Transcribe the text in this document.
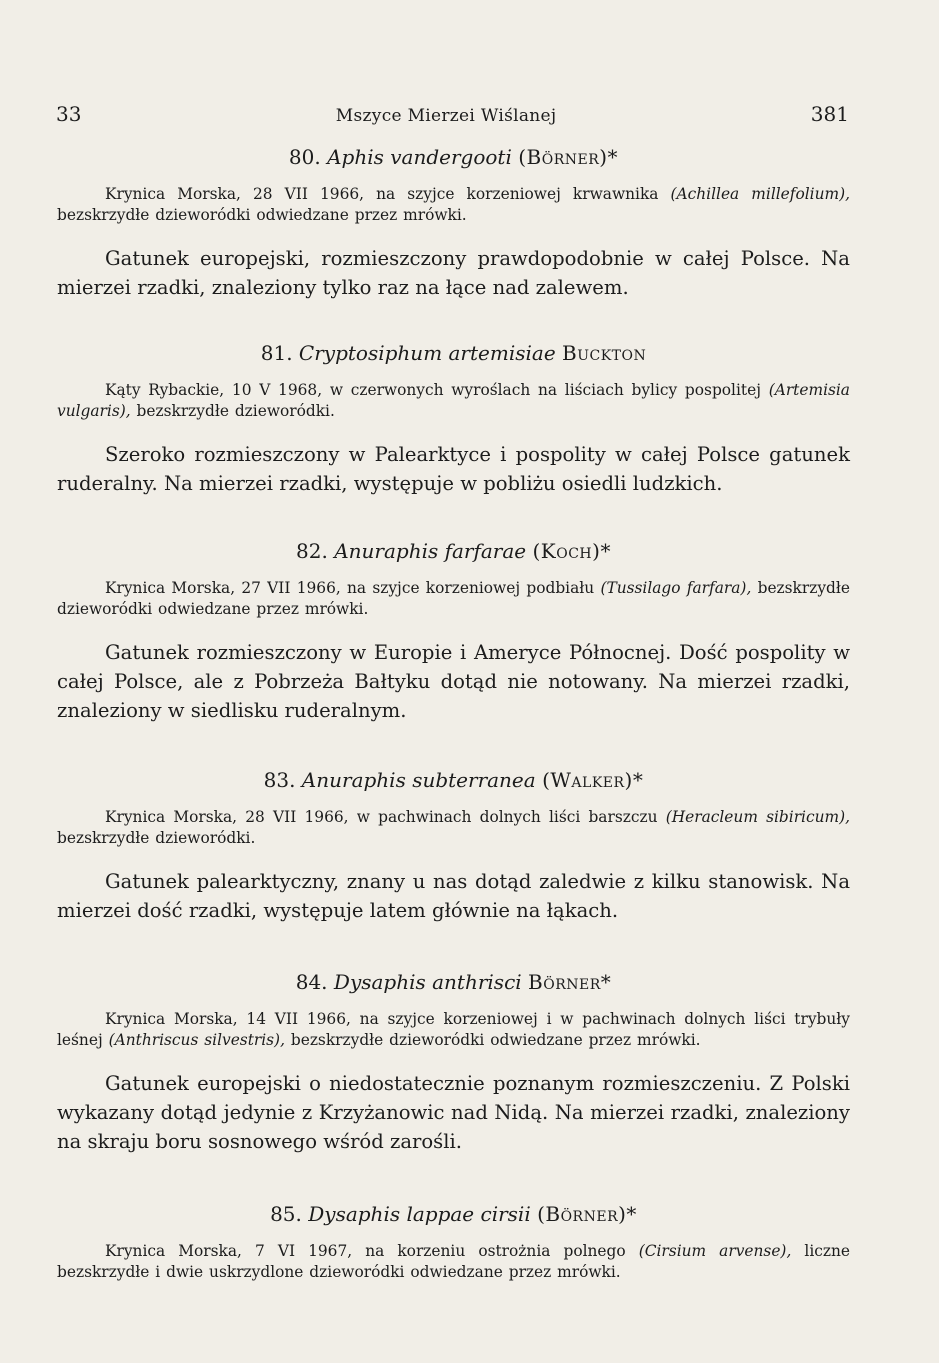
33	Mszyce Mierzei Wiślanej	381
80. Aphis vandergooti (Börner)*

Krynica Morska, 28 VII 1966, na szyjce korzeniowej krwawnika (Achillea millefolium), bezskrzydłe dzieworódki odwiedzane przez mrówki.

Gatunek europejski, rozmieszczony prawdopodobnie w całej Polsce. Na mierzei rzadki, znaleziony tylko raz na łące nad zalewem.

81. Cryptosiphum artemisiae Buckton

Kąty Rybackie, 10 V 1968, w czerwonych wyroślach na liściach bylicy pospolitej (Artemisia vulgaris), bezskrzydłe dzieworódki.

Szeroko rozmieszczony w Palearktyce i pospolity w całej Polsce gatunek ruderalny. Na mierzei rzadki, występuje w pobliżu osiedli ludzkich.

82. Anuraphis farfarae (Koch)*

Krynica Morska, 27 VII 1966, na szyjce korzeniowej podbiału (Tussilago farfara), bezskrzydłe dzieworódki odwiedzane przez mrówki.

Gatunek rozmieszczony w Europie i Ameryce Północnej. Dość pospolity w całej Polsce, ale z Pobrzeża Bałtyku dotąd nie notowany. Na mierzei rzadki, znaleziony w siedlisku ruderalnym.

83. Anuraphis subterranea (Walker)*

Krynica Morska, 28 VII 1966, w pachwinach dolnych liści barszczu (Heracleum sibiricum), bezskrzydłe dzieworódki.

Gatunek palearktyczny, znany u nas dotąd zaledwie z kilku stanowisk. Na mierzei dość rzadki, występuje latem głównie na łąkach.

84. Dysaphis anthrisci Börner*

Krynica Morska, 14 VII 1966, na szyjce korzeniowej i w pachwinach dolnych liści trybuły leśnej (Anthriscus silvestris), bezskrzydłe dzieworódki odwiedzane przez mrówki.

Gatunek europejski o niedostatecznie poznanym rozmieszczeniu. Z Polski wykazany dotąd jedynie z Krzyżanowic nad Nidą. Na mierzei rzadki, znaleziony na skraju boru sosnowego wśród zarośli.

85. Dysaphis lappae cirsii (Börner)*

Krynica Morska, 7 VI 1967, na korzeniu ostrożnia polnego (Cirsium arvense), liczne bezskrzydłe i dwie uskrzydlone dzieworódki odwiedzane przez mrówki.
